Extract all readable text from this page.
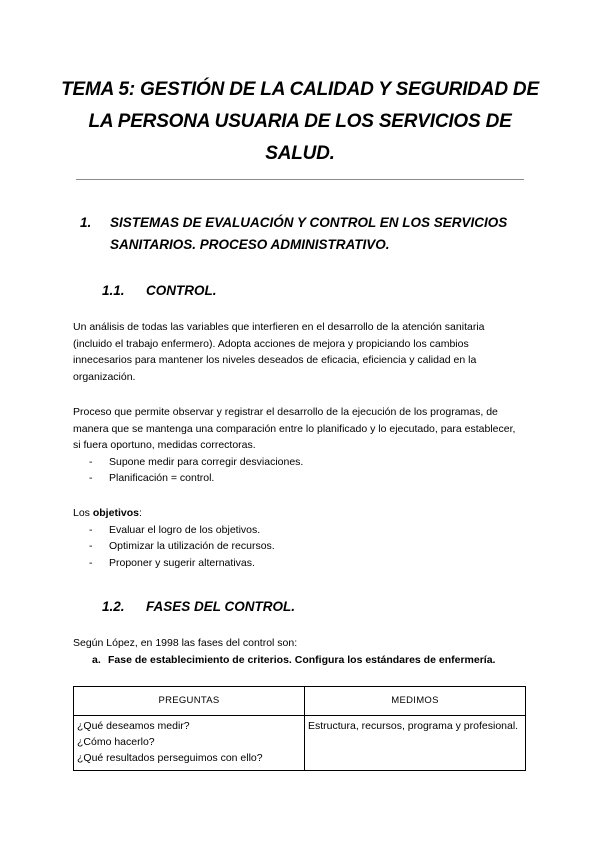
TEMA 5: GESTIÓN DE LA CALIDAD Y SEGURIDAD DE LA PERSONA USUARIA DE LOS SERVICIOS DE SALUD.
1. SISTEMAS DE EVALUACIÓN Y CONTROL EN LOS SERVICIOS SANITARIOS. PROCESO ADMINISTRATIVO.
1.1. CONTROL.
Un análisis de todas las variables que interfieren en el desarrollo de la atención sanitaria (incluido el trabajo enfermero). Adopta acciones de mejora y propiciando los cambios innecesarios para mantener los niveles deseados de eficacia, eficiencia y calidad en la organización.
Proceso que permite observar y registrar el desarrollo de la ejecución de los programas, de manera que se mantenga una comparación entre lo planificado y lo ejecutado, para establecer, si fuera oportuno, medidas correctoras.
- Supone medir para corregir desviaciones.
- Planificación = control.
Los objetivos:
- Evaluar el logro de los objetivos.
- Optimizar la utilización de recursos.
- Proponer y sugerir alternativas.
1.2. FASES DEL CONTROL.
Según López, en 1998 las fases del control son:
a. Fase de establecimiento de criterios. Configura los estándares de enfermería.
PREGUNTAS	MEDIMOS

¿Qué deseamos medir?
¿Cómo hacerlo?
¿Qué resultados perseguimos con ello?	Estructura, recursos, programa y profesional.
